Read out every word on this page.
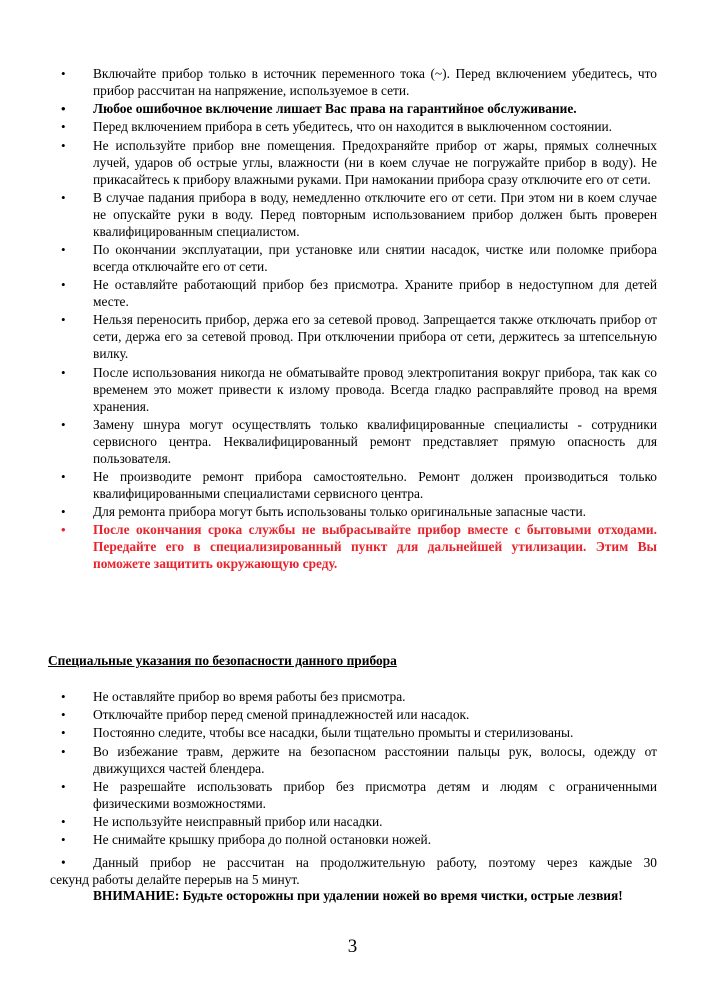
• Включайте прибор только в источник переменного тока (~). Перед включением убедитесь, что прибор рассчитан на напряжение, используемое в сети.
• Любое ошибочное включение лишает Вас права на гарантийное обслуживание.
• Перед включением прибора в сеть убедитесь, что он находится в выключенном состоянии.
• Не используйте прибор вне помещения. Предохраняйте прибор от жары, прямых солнечных лучей, ударов об острые углы, влажности (ни в коем случае не погружайте прибор в воду). Не прикасайтесь к прибору влажными руками. При намокании прибора сразу отключите его от сети.
• В случае падания прибора в воду, немедленно отключите его от сети. При этом ни в коем случае не опускайте руки в воду. Перед повторным использованием прибор должен быть проверен квалифицированным специалистом.
• По окончании эксплуатации, при установке или снятии насадок, чистке или поломке прибора всегда отключайте его от сети.
• Не оставляйте работающий прибор без присмотра. Храните прибор в недоступном для детей месте.
• Нельзя переносить прибор, держа его за сетевой провод. Запрещается также отключать прибор от сети, держа его за сетевой провод. При отключении прибора от сети, держитесь за штепсельную вилку.
• После использования никогда не обматывайте провод электропитания вокруг прибора, так как со временем это может привести к излому провода. Всегда гладко расправляйте провод на время хранения.
• Замену шнура могут осуществлять только квалифицированные специалисты - сотрудники сервисного центра. Неквалифицированный ремонт представляет прямую опасность для пользователя.
• Не производите ремонт прибора самостоятельно. Ремонт должен производиться только квалифицированными специалистами сервисного центра.
• Для ремонта прибора могут быть использованы только оригинальные запасные части.
• После окончания срока службы не выбрасывайте прибор вместе с бытовыми отходами. Передайте его в специализированный пункт для дальнейшей утилизации. Этим Вы поможете защитить окружающую среду.
Специальные указания по безопасности данного прибора
• Не оставляйте прибор во время работы без присмотра.
• Отключайте прибор перед сменой принадлежностей или насадок.
• Постоянно следите, чтобы все насадки, были тщательно промыты и стерилизованы.
• Во избежание травм, держите на безопасном расстоянии пальцы рук, волосы, одежду от движущихся частей блендера.
• Не разрешайте использовать прибор без присмотра детям и людям с ограниченными физическими возможностями.
• Не используйте неисправный прибор или насадки.
• Не снимайте крышку прибора до полной остановки ножей.
•	Данный прибор не рассчитан на продолжительную работу, поэтому через каждые 30
секунд работы делайте перерыв на 5 минут.
ВНИМАНИЕ: Будьте осторожны при удалении ножей во время чистки, острые лезвия!
3
